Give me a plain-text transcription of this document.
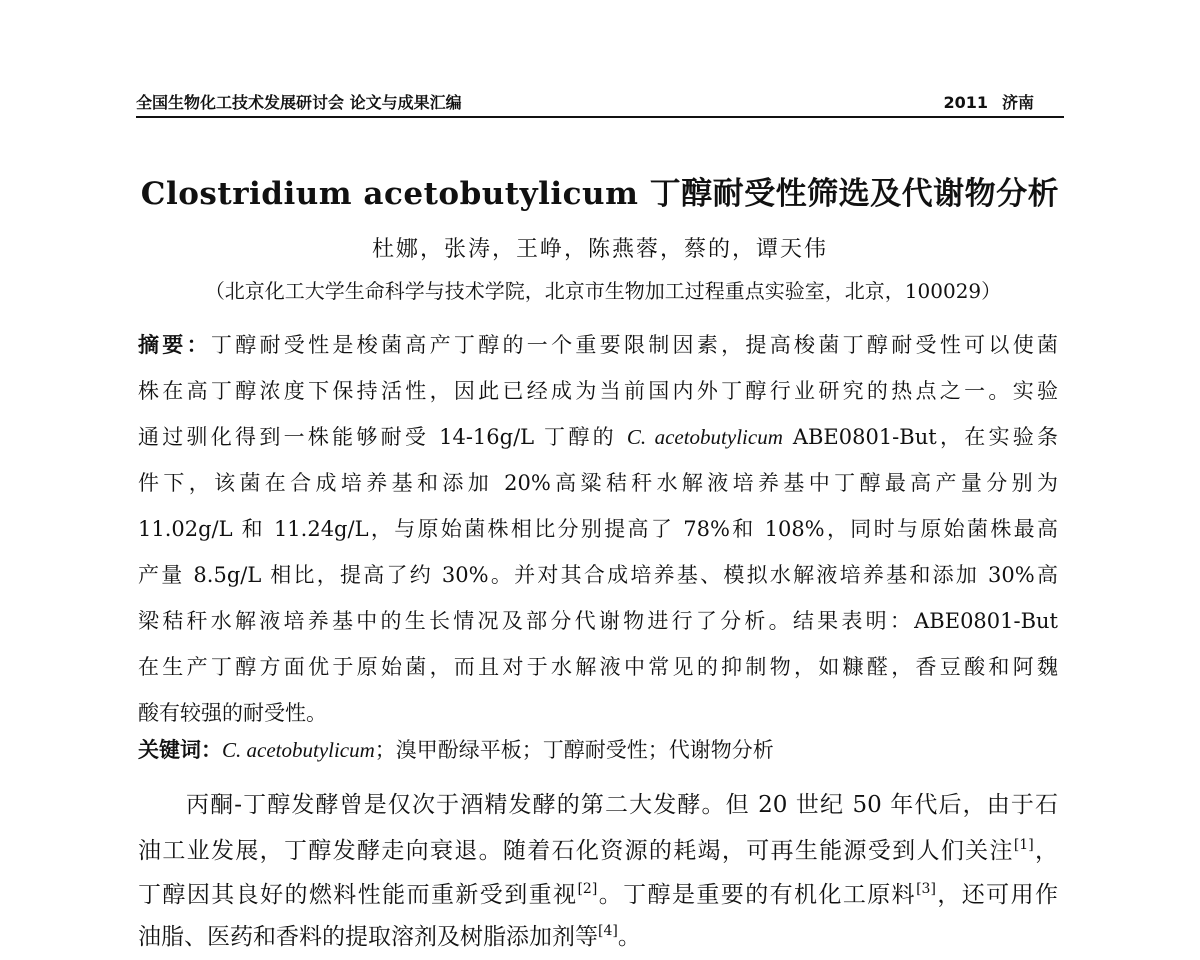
全国生物化工技术发展研讨会 论文与成果汇编	2011 济南
Clostridium acetobutylicum 丁醇耐受性筛选及代谢物分析
杜娜，张涛，王峥，陈燕蓉，蔡的，谭天伟
（北京化工大学生命科学与技术学院，北京市生物加工过程重点实验室，北京，100029）
摘要：丁醇耐受性是梭菌高产丁醇的一个重要限制因素，提高梭菌丁醇耐受性可以使菌
株在高丁醇浓度下保持活性，因此已经成为当前国内外丁醇行业研究的热点之一。实验
通过驯化得到一株能够耐受 14-16g/L 丁醇的 C. acetobutylicum ABE0801-But，在实验条
件下，该菌在合成培养基和添加 20%高粱秸秆水解液培养基中丁醇最高产量分别为
11.02g/L 和 11.24g/L，与原始菌株相比分别提高了 78%和 108%，同时与原始菌株最高
产量 8.5g/L 相比，提高了约 30%。并对其合成培养基、模拟水解液培养基和添加 30%高
梁秸秆水解液培养基中的生长情况及部分代谢物进行了分析。结果表明：ABE0801-But
在生产丁醇方面优于原始菌，而且对于水解液中常见的抑制物，如糠醛，香豆酸和阿魏
酸有较强的耐受性。
关键词：C. acetobutylicum；溴甲酚绿平板；丁醇耐受性；代谢物分析
丙酮-丁醇发酵曾是仅次于酒精发酵的第二大发酵。但 20 世纪 50 年代后，由于石
油工业发展，丁醇发酵走向衰退。随着石化资源的耗竭，可再生能源受到人们关注[1]，
丁醇因其良好的燃料性能而重新受到重视[2]。丁醇是重要的有机化工原料[3]，还可用作
油脂、医药和香料的提取溶剂及树脂添加剂等[4]。
